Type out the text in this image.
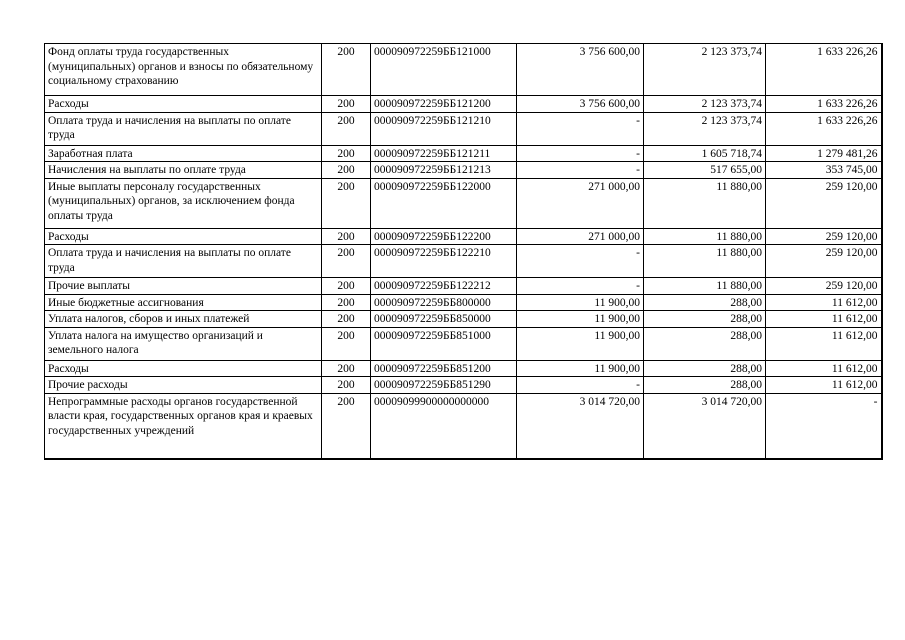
Фонд оплаты труда государственных (муниципальных) органов и взносы по обязательному социальному страхованию	200	000090972259ББ121000	3 756 600,00	2 123 373,74	1 633 226,26
Расходы	200	000090972259ББ121200	3 756 600,00	2 123 373,74	1 633 226,26
Оплата труда и начисления на выплаты по оплате труда	200	000090972259ББ121210	-	2 123 373,74	1 633 226,26
Заработная плата	200	000090972259ББ121211	-	1 605 718,74	1 279 481,26
Начисления на выплаты по оплате труда	200	000090972259ББ121213	-	517 655,00	353 745,00
Иные выплаты персоналу государственных (муниципальных) органов, за исключением фонда оплаты труда	200	000090972259ББ122000	271 000,00	11 880,00	259 120,00
Расходы	200	000090972259ББ122200	271 000,00	11 880,00	259 120,00
Оплата труда и начисления на выплаты по оплате труда	200	000090972259ББ122210	-	11 880,00	259 120,00
Прочие выплаты	200	000090972259ББ122212	-	11 880,00	259 120,00
Иные бюджетные ассигнования	200	000090972259ББ800000	11 900,00	288,00	11 612,00
Уплата налогов, сборов и иных платежей	200	000090972259ББ850000	11 900,00	288,00	11 612,00
Уплата налога на имущество организаций и земельного налога	200	000090972259ББ851000	11 900,00	288,00	11 612,00
Расходы	200	000090972259ББ851200	11 900,00	288,00	11 612,00
Прочие расходы	200	000090972259ББ851290	-	288,00	11 612,00
Непрограммные расходы органов государственной власти края, государственных органов края и краевых государственных учреждений	200	00009099900000000000	3 014 720,00	3 014 720,00	-
